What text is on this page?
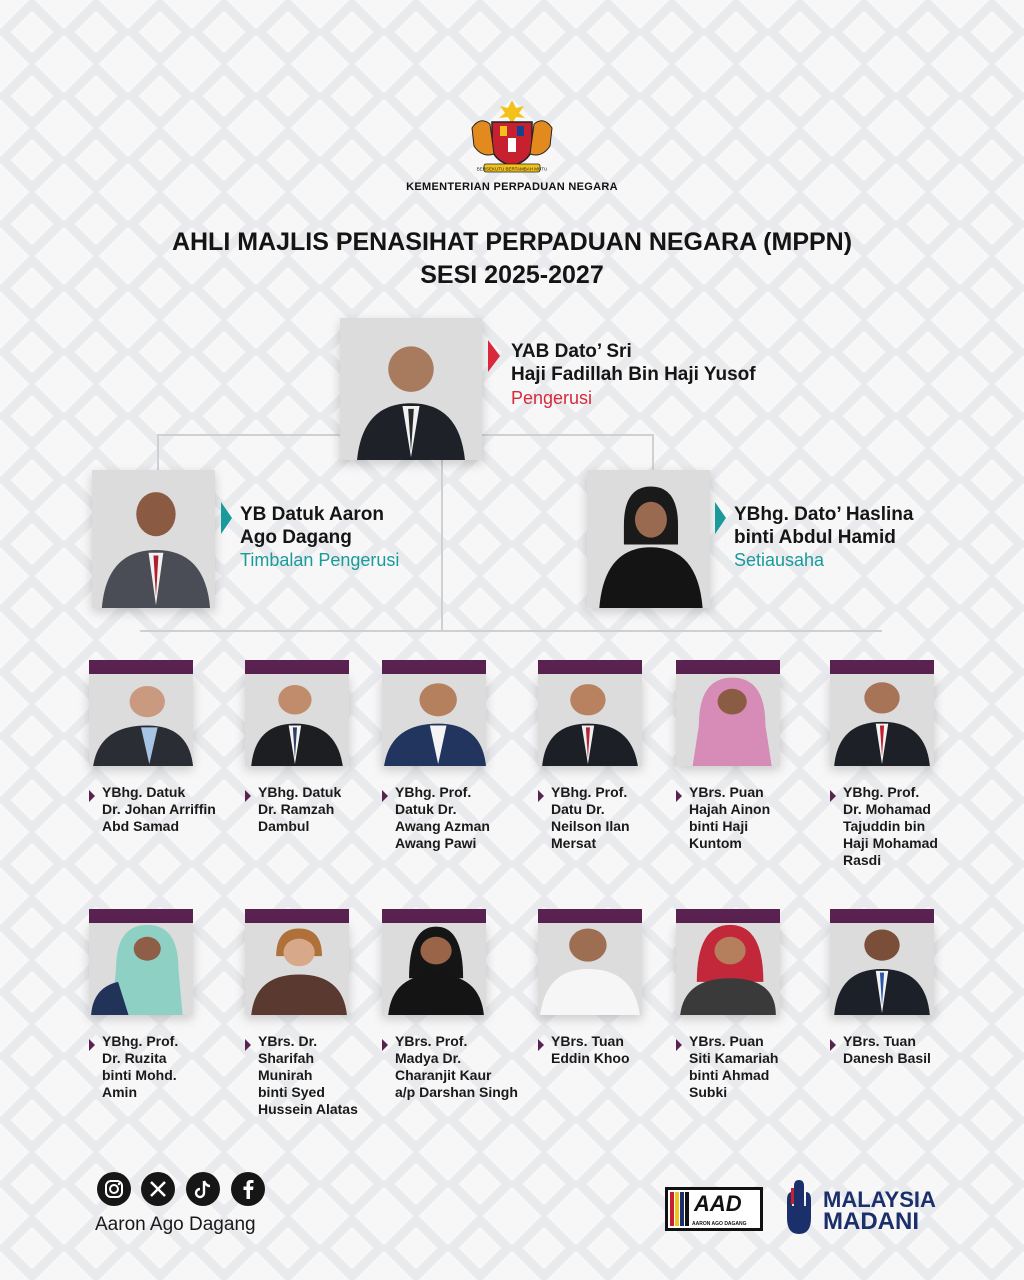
BERSEKUTU BERTAMBAH MUTU
KEMENTERIAN PERPADUAN NEGARA
AHLI MAJLIS PENASIHAT PERPADUAN NEGARA (MPPN)
SESI 2025-2027
YAB Dato’ Sri
Haji Fadillah Bin Haji Yusof
Pengerusi
YB Datuk Aaron
Ago Dagang
Timbalan Pengerusi
YBhg. Dato’ Haslina
binti Abdul Hamid
Setiausaha
YBhg. Datuk
Dr. Johan Arriffin
Abd Samad
YBhg. Datuk
Dr. Ramzah
Dambul
YBhg. Prof.
Datuk Dr.
Awang Azman
Awang Pawi
YBhg. Prof.
Datu Dr.
Neilson Ilan
Mersat
YBrs. Puan
Hajah Ainon
binti Haji
Kuntom
YBhg. Prof.
Dr. Mohamad
Tajuddin bin
Haji Mohamad
Rasdi
YBhg. Prof.
Dr. Ruzita
binti Mohd.
Amin
YBrs. Dr.
Sharifah
Munirah
binti Syed
Hussein Alatas
YBrs. Prof.
Madya Dr.
Charanjit Kaur
a/p Darshan Singh
YBrs. Tuan
Eddin Khoo
YBrs. Puan
Siti Kamariah
binti Ahmad
Subki
YBrs. Tuan
Danesh Basil
Aaron Ago Dagang
AAD
AARON AGO DAGANG
MALAYSIA
MADANI
